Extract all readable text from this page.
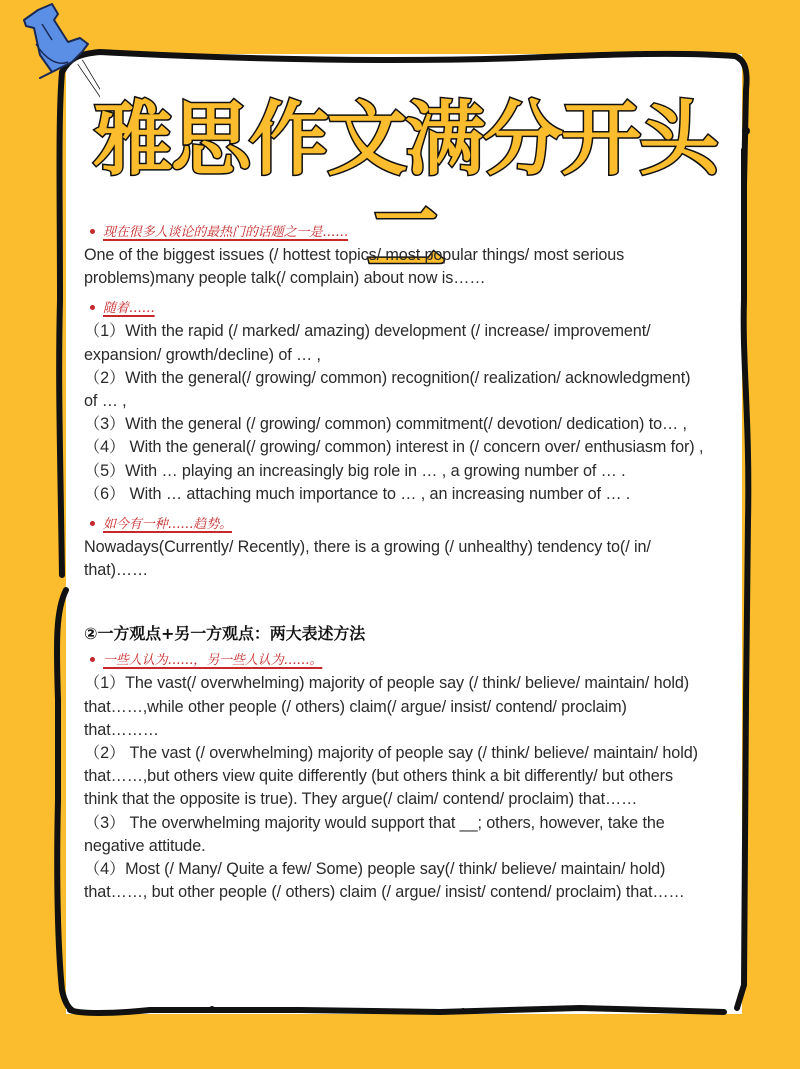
雅思作文满分开头二
现在很多人谈论的最热门的话题之一是……

One of the biggest issues (/ hottest topics/ most popular things/ most serious problems)many people talk(/ complain) about now is……

随着……

（1）With the rapid (/ marked/ amazing) development (/ increase/ improvement/ expansion/ growth/decline) of … ,

（2）With the general(/ growing/ common) recognition(/ realization/ acknowledgment) of … ,

（3）With the general (/ growing/ common) commitment(/ devotion/ dedication) to… ,

（4） With the general(/ growing/ common) interest in (/ concern over/ enthusiasm for) ,

（5）With … playing an increasingly big role in … , a growing number of … .

（6） With … attaching much importance to … , an increasing number of … .

如今有一种……趋势。

Nowadays(Currently/ Recently), there is a growing (/ unhealthy) tendency to(/ in/ that)……

②一方观点+另一方观点：两大表述方法
一些人认为……，另一些人认为……。

（1）The vast(/ overwhelming) majority of people say (/ think/ believe/ maintain/ hold) that……,while other people (/ others) claim(/ argue/ insist/ contend/ proclaim) that………

（2） The vast (/ overwhelming) majority of people say (/ think/ believe/ maintain/ hold) that……,but others view quite differently (but others think a bit differently/ but others think that the opposite is true). They argue(/ claim/ contend/ proclaim) that……

（3） The overwhelming majority would support that __; others, however, take the negative attitude.

（4）Most (/ Many/ Quite a few/ Some) people say(/ think/ believe/ maintain/ hold) that……, but other people (/ others) claim (/ argue/ insist/ contend/ proclaim) that……
